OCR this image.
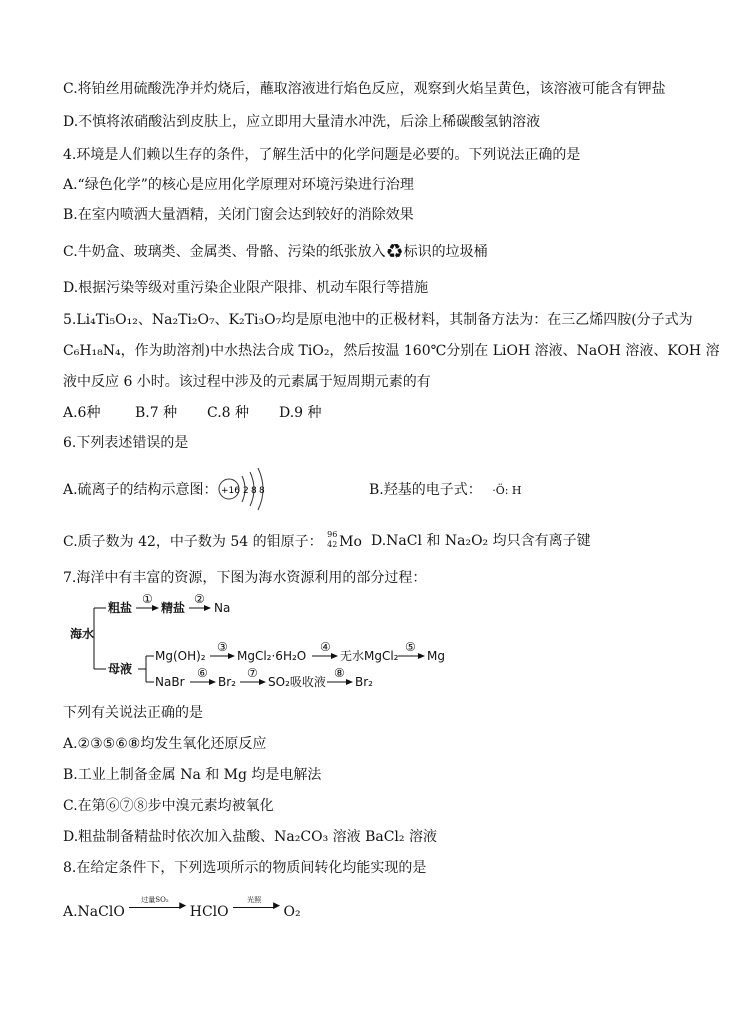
C.将铂丝用硫酸洗净并灼烧后，蘸取溶液进行焰色反应，观察到火焰呈黄色，该溶液可能含有钾盐
D.不慎将浓硝酸沾到皮肤上，应立即用大量清水冲洗，后涂上稀碳酸氢钠溶液
4.环境是人们赖以生存的条件，了解生活中的化学问题是必要的。下列说法正确的是
A.“绿色化学”的核心是应用化学原理对环境污染进行治理
B.在室内喷洒大量酒精，关闭门窗会达到较好的消除效果
C.牛奶盒、玻璃类、金属类、骨骼、污染的纸张放入♻标识的垃圾桶
D.根据污染等级对重污染企业限产限排、机动车限行等措施
5.Li₄Ti₅O₁₂、Na₂Ti₂O₇、K₂Ti₃O₇均是原电池中的正极材料，其制备方法为：在三乙烯四胺(分子式为
C₆H₁₈N₄，作为助溶剂)中水热法合成 TiO₂，然后按温 160℃分别在 LiOH 溶液、NaOH 溶液、KOH 溶
液中反应 6 小时。该过程中涉及的元素属于短周期元素的有
A.6种 B.7 种 C.8 种 D.9 种
6.下列表述错误的是
A.硫离子的结构示意图： +16 2 8 8	B.羟基的电子式： ·Ö: H
C.质子数为 42，中子数为 54 的钼原子： 96
42 Mo D.NaCl 和 Na₂O₂ 均只含有离子键
7.海洋中有丰富的资源，下图为海水资源利用的部分过程：
海水
粗盐
①
精盐
②
Na
母液
Mg(OH)₂
③
MgCl₂·6H₂O
④
无水MgCl₂
⑤
Mg
NaBr
⑥
Br₂
⑦
SO₂吸收液
⑧
Br₂
下列有关说法正确的是
A.②③⑤⑥⑧均发生氧化还原反应
B.工业上制备金属 Na 和 Mg 均是电解法
C.在第⑥⑦⑧步中溴元素均被氧化
D.粗盐制备精盐时依次加入盐酸、Na₂CO₃ 溶液 BaCl₂ 溶液
8.在给定条件下，下列选项所示的物质间转化均能实现的是
A.NaClO
过量SO₂
▶ HClO
光照
▶ O₂
